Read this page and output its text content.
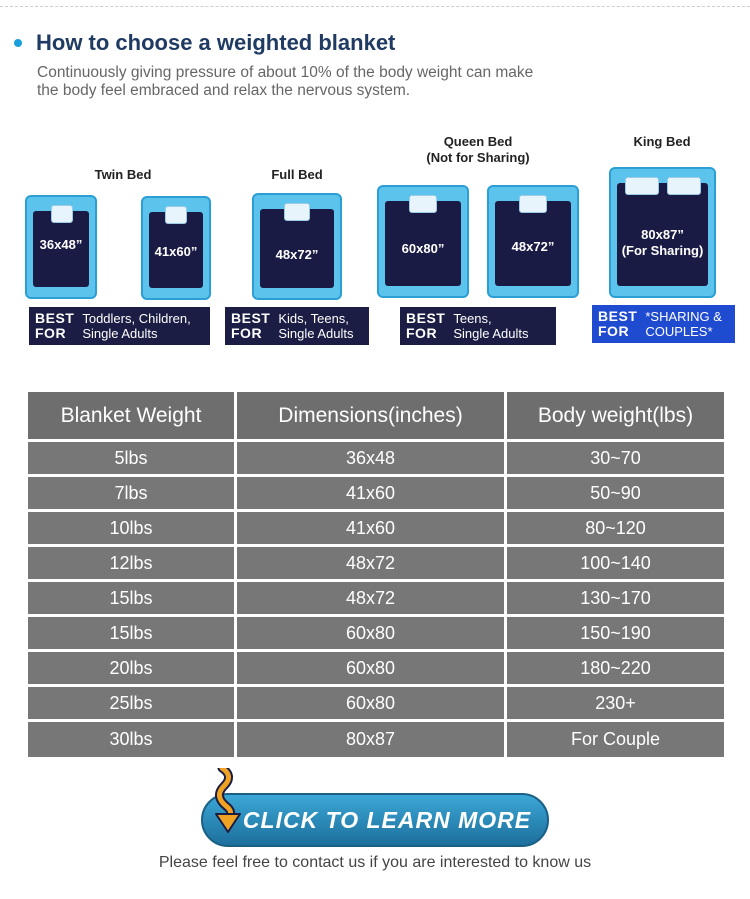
How to choose a weighted blanket
Continuously giving pressure of about 10% of the body weight can make
the body feel embraced and relax the nervous system.
Twin Bed
36x48”	41x60”
BEST
FOR
Toddlers, Children,
Single Adults
Full Bed
48x72”
BEST
FOR
Kids, Teens,
Single Adults
Queen Bed
(Not for Sharing)
60x80”	48x72”
BEST
FOR
Teens,
Single Adults
King Bed
80x87”
(For Sharing)
BEST
FOR
*SHARING &
COUPLES*
Blanket Weight	Dimensions(inches)	Body weight(lbs)
5lbs	36x48	30~70
7lbs	41x60	50~90
10lbs	41x60	80~120
12lbs	48x72	100~140
15lbs	48x72	130~170
15lbs	60x80	150~190
20lbs	60x80	180~220
25lbs	60x80	230+
30lbs	80x87	For Couple
CLICK TO LEARN MORE
Please feel free to contact us if you are interested to know us
